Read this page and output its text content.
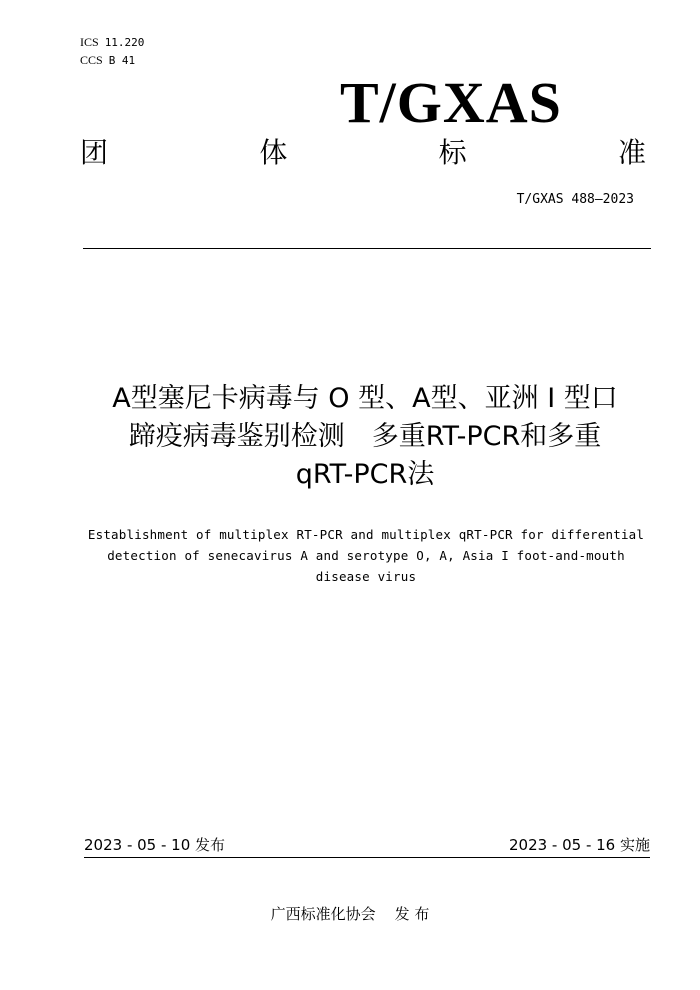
ICS 11.220
CCS B 41
T/GXAS
团	体	标	准
T/GXAS 488—2023
A型塞尼卡病毒与 O 型、A型、亚洲 I 型口
蹄疫病毒鉴别检测　多重RT-PCR和多重
qRT-PCR法
Establishment of multiplex RT-PCR and multiplex qRT-PCR for differential detection of senecavirus A and serotype O, A, Asia I foot-and-mouth disease virus
2023 - 05 - 10 发布	2023 - 05 - 16 实施
广西标准化协会    发 布
